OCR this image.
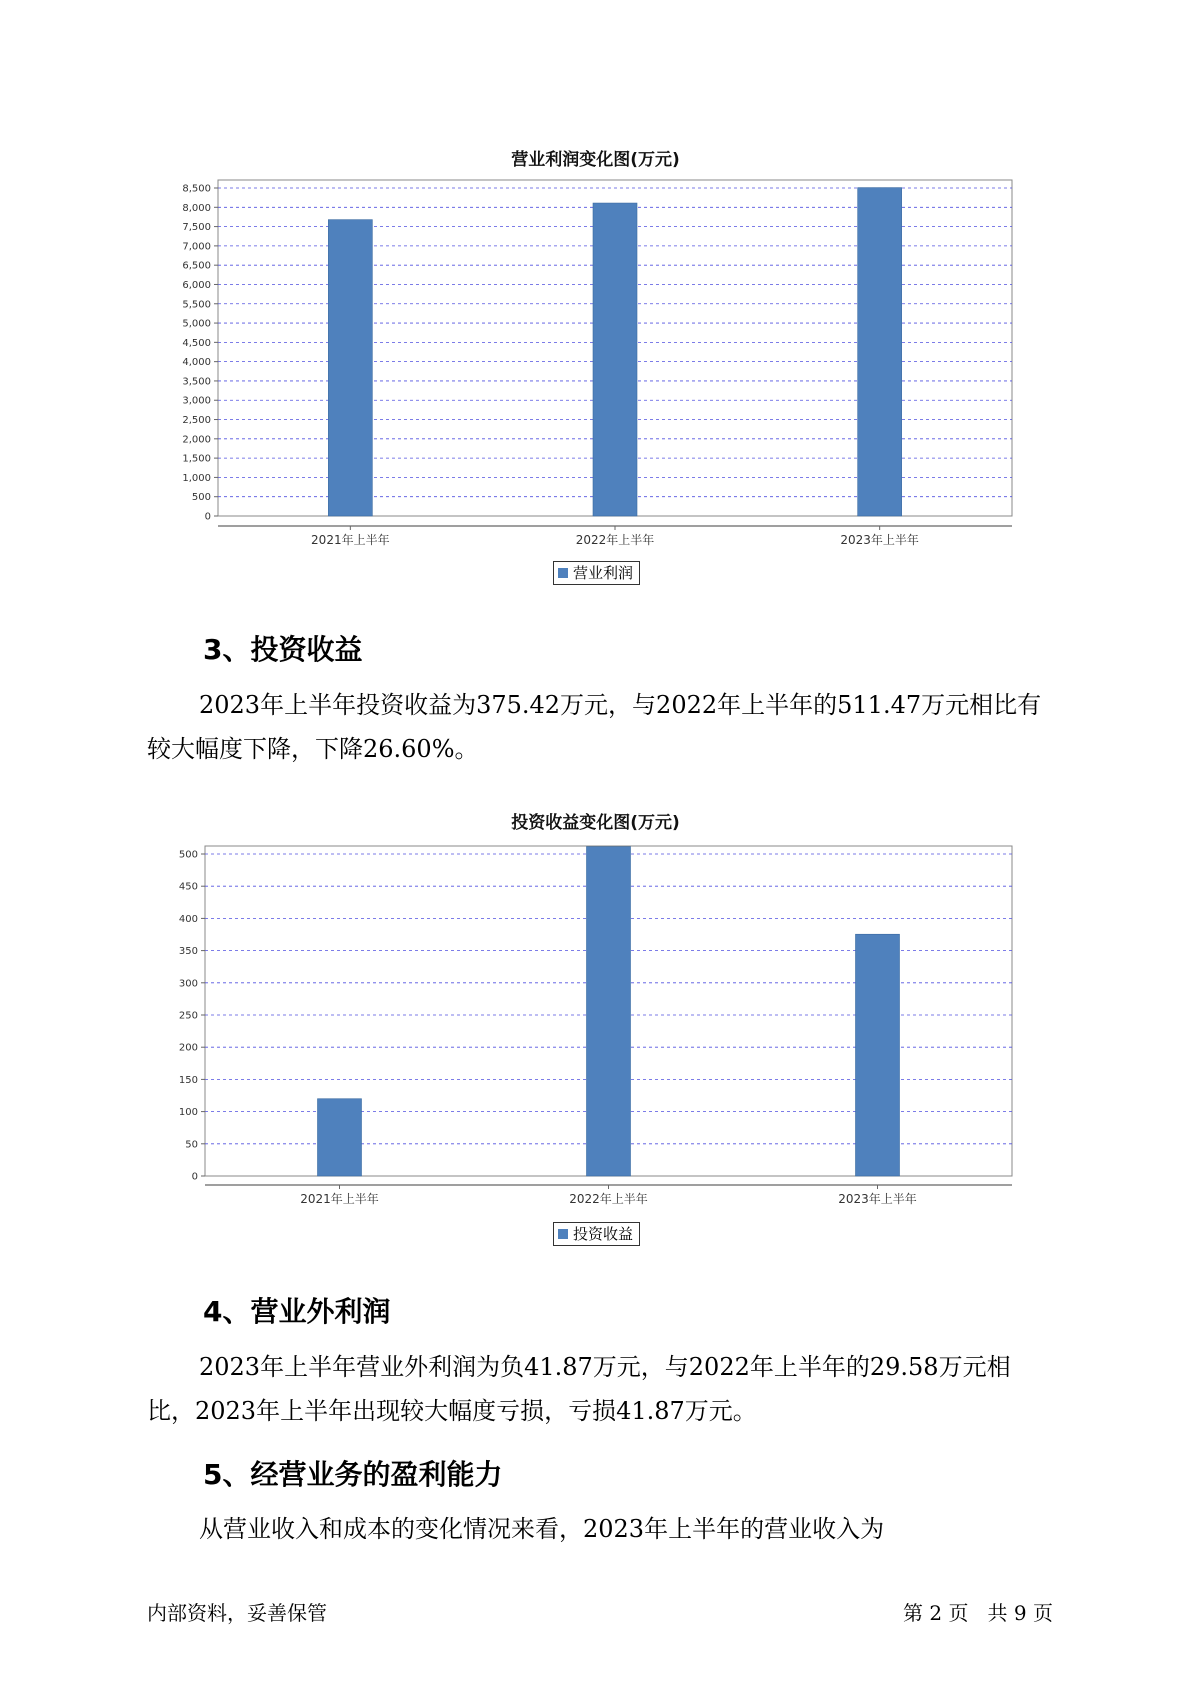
营业利润变化图(万元)
0
500
1,000
1,500
2,000
2,500
3,000
3,500
4,000
4,500
5,000
5,500
6,000
6,500
7,000
7,500
8,000
8,500
2021年上半年	2022年上半年	2023年上半年
营业利润
3、投资收益

2023年上半年投资收益为375.42万元，与2022年上半年的511.47万元相比有较大幅度下降，下降26.60%。

投资收益变化图(万元)
0
50
100
150
200
250
300
350
400
450
500
2021年上半年	2022年上半年	2023年上半年
投资收益
4、营业外利润

2023年上半年营业外利润为负41.87万元，与2022年上半年的29.58万元相比，2023年上半年出现较大幅度亏损，亏损41.87万元。

5、经营业务的盈利能力

从营业收入和成本的变化情况来看，2023年上半年的营业收入为

内部资料，妥善保管	第 2 页   共 9 页
